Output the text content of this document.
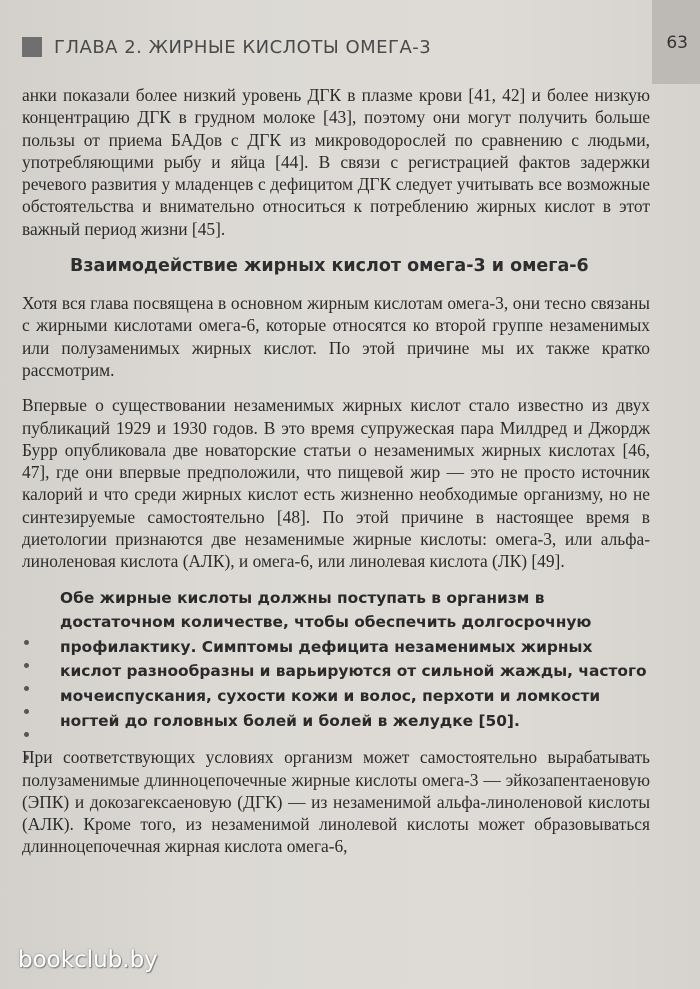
63
ГЛАВА 2. ЖИРНЫЕ КИСЛОТЫ ОМЕГА-3

анки показали более низкий уровень ДГК в плазме крови [41, 42] и более низкую концентрацию ДГК в грудном молоке [43], поэтому они могут получить больше пользы от приема БАДов с ДГК из микроводорослей по сравнению с людьми, употребляющими рыбу и яйца [44]. В связи с регистрацией фактов задержки речевого развития у младенцев с дефицитом ДГК следует учитывать все возможные обстоятельства и внимательно относиться к потреблению жирных кислот в этот важный период жизни [45].

Взаимодействие жирных кислот омега-3 и омега-6

Хотя вся глава посвящена в основном жирным кислотам омега-3, они тесно связаны с жирными кислотами омега-6, которые относятся ко второй группе незаменимых или полузаменимых жирных кислот. По этой причине мы их также кратко рассмотрим.

Впервые о существовании незаменимых жирных кислот стало известно из двух публикаций 1929 и 1930 годов. В это время супружеская пара Милдред и Джордж Бурр опубликовала две новаторские статьи о незаменимых жирных кислотах [46, 47], где они впервые предположили, что пищевой жир — это не просто источник калорий и что среди жирных кислот есть жизненно необходимые организму, но не синтезируемые самостоятельно [48]. По этой причине в настоящее время в диетологии признаются две незаменимые жирные кислоты: омега-3, или альфа-линоленовая кислота (АЛК), и омега-6, или линолевая кислота (ЛК) [49].

Обе жирные кислоты должны поступать в организм в достаточном количестве, чтобы обеспечить долгосрочную профилактику. Симптомы дефицита незаменимых жирных кислот разнообразны и варьируются от сильной жажды, частого мочеиспускания, сухости кожи и волос, перхоти и ломкости ногтей до головных болей и болей в желудке [50].

При соответствующих условиях организм может самостоятельно вырабатывать полузаменимые длинноцепочечные жирные кислоты омега-3 — эйкозапентаеновую (ЭПК) и докозагексаеновую (ДГК) — из незаменимой альфа-линоленовой кислоты (АЛК). Кроме того, из незаменимой линолевой кислоты может образовываться длинноцепочечная жирная кислота омега-6,

bookclub.by
